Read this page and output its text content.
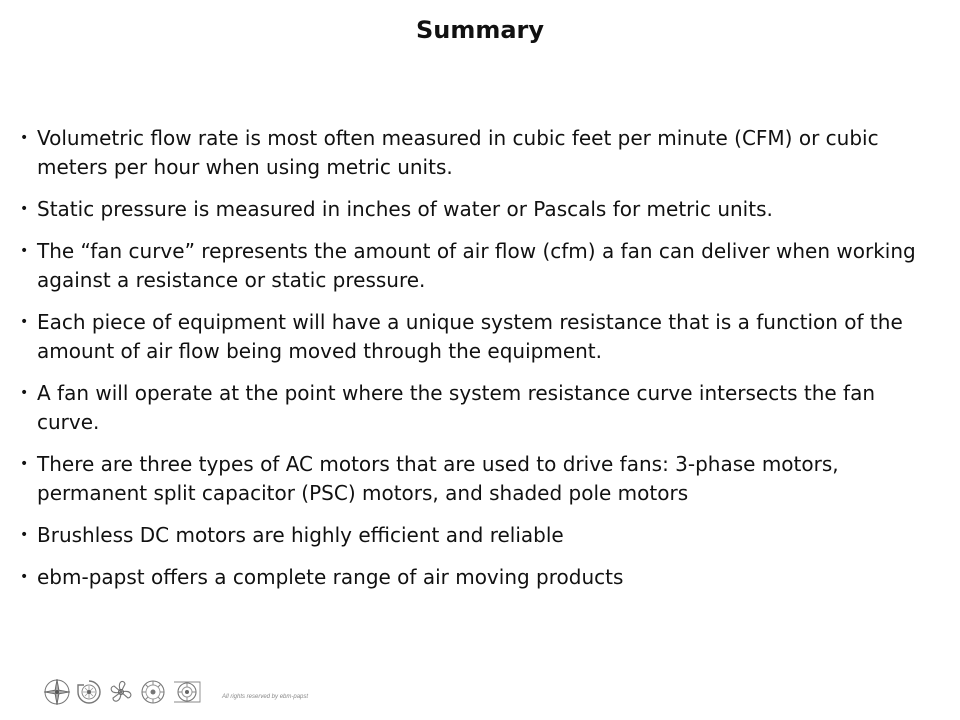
Summary
• Volumetric flow rate is most often measured in cubic feet per minute (CFM) or cubic meters per hour when using metric units.
• Static pressure is measured in inches of water or Pascals for metric units.
• The “fan curve” represents the amount of air flow (cfm) a fan can deliver when working against a resistance or static pressure.
• Each piece of equipment will have a unique system resistance that is a function of the amount of air flow being moved through the equipment.
• A fan will operate at the point where the system resistance curve intersects the fan curve.
• There are three types of AC motors that are used to drive fans: 3-phase motors, permanent split capacitor (PSC) motors, and shaded pole motors
• Brushless DC motors are highly efficient and reliable
• ebm-papst offers a complete range of air moving products
All rights reserved by ebm-papst
